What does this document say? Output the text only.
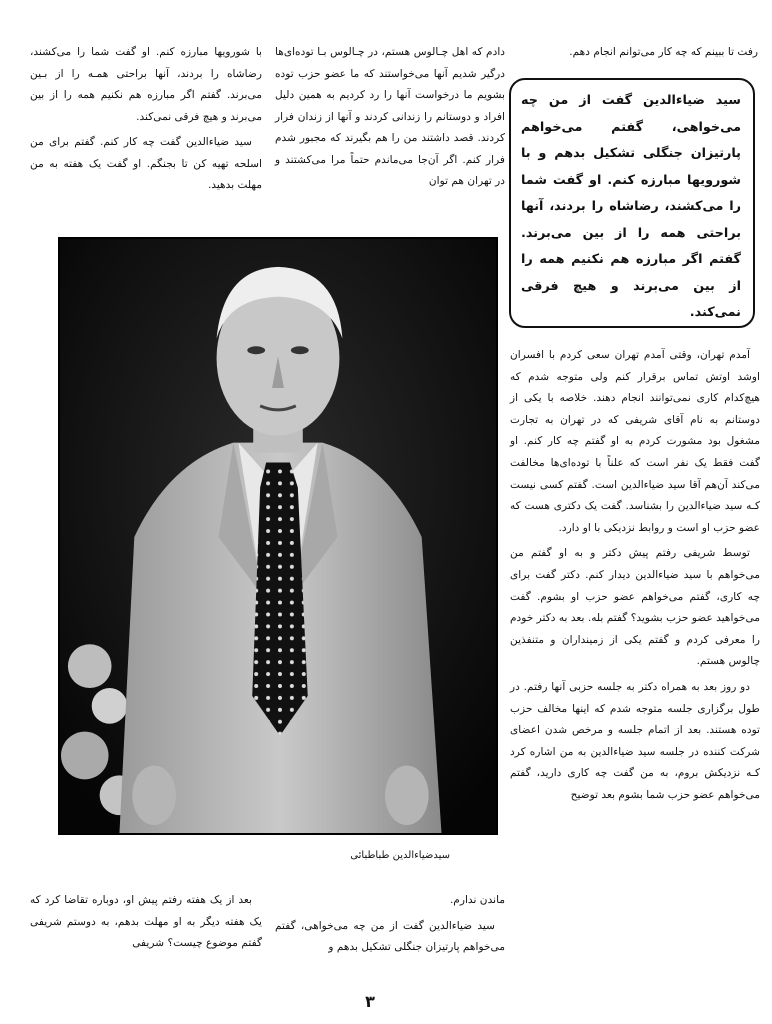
رفت تا ببینم که چه کار می‌توانم انجام دهم.

دادم که اهل چـالوس هستم، در چـالوس بـا توده‌ای‌ها درگیر شدیم آنها می‌خواستند که ما عضو حزب توده بشویم ما درخواست آنها را رد کردیم به همین دلیل افراد و دوستانم را زندانی کردند و آنها از زندان فرار کردند. قصد داشتند من را هم بگیرند که مجبور شدم فرار کنم. اگر آن‌جا می‌ماندم حتماً مرا می‌کشتند و در تهران هم توان

با شورویها مبارزه کنم. او گفت شما را می‌کشند، رضاشاه را بردند، آنها براحتی همـه را از بـین می‌برند. گفتم اگر مبارزه هم نکنیم همه را از بین می‌برند و هیچ فرقی نمی‌کند.

سید ضیاءالدین گفت چه کار کنم. گفتم برای من اسلحه تهیه کن تا بجنگم. او گفت یک هفته به من مهلت بدهید.

سید ضیاءالدین گفت از من چه می‌خواهی، گفتم می‌خواهم پارتیزان جنگلی تشکیل بدهم و با شورویها مبارزه کنم. او گفت شما را می‌کشند، رضاشاه را بردند، آنها براحتی همه را از بین می‌برند. گفتم اگر مبارزه هم نکنیم همه را از بین می‌برند و هیچ فرقی نمی‌کند.

آمدم تهران، وقتی آمدم تهران سعی کردم با افسران اوشد اوتش تماس برقرار کنم ولی متوجه شدم که هیچ‌کدام کاری نمی‌توانند انجام دهند. خلاصه با یکی از دوستانم به نام آقای شریفی که در تهران به تجارت مشغول بود مشورت کردم به او گفتم چه کار کنم. او گفت فقط یک نفر است که علناً با توده‌ای‌ها مخالفت می‌کند آن‌هم آقا سید ضیاءالدین است. گفتم کسی نیست کـه سید ضیاءالدین را بشناسد. گفت یک دکتری هست که عضو حزب او است و روابط نزدیکی با او دارد.

توسط شریفی رفتم پیش دکتر و به او گفتم من می‌خواهم با سید ضیاءالدین دیدار کنم. دکتر گفت برای چه کاری، گفتم می‌خواهم عضو حزب او بشوم. گفت می‌خواهید عضو حزب بشوید؟ گفتم بله. بعد به دکتر خودم را معرفی کردم و گفتم یکی از زمینداران و متنفذین چالوس هستم.

دو روز بعد به همراه دکتر به جلسه حزبی آنها رفتم. در طول برگزاری جلسه متوجه شدم که اینها مخالف حزب توده هستند. بعد از اتمام جلسه و مرخص شدن اعضای شرکت کننده در جلسه سید ضیاءالدین به من اشاره کرد کـه نزدیکش بروم، به من گفت چه کاری دارید، گفتم می‌خواهم عضو حزب شما بشوم بعد توضیح

سیدضیاءالدین طباطبائی

ماندن ندارم.

سید ضیاءالدین گفت از من چه می‌خواهی، گفتم می‌خواهم پارتیزان جنگلی تشکیل بدهم و

بعد از یک هفته رفتم پیش او، دوباره تقاضا کرد که یک هفته دیگر به او مهلت بدهم، به دوستم شریفی گفتم موضوع چیست؟ شریفی

۳
